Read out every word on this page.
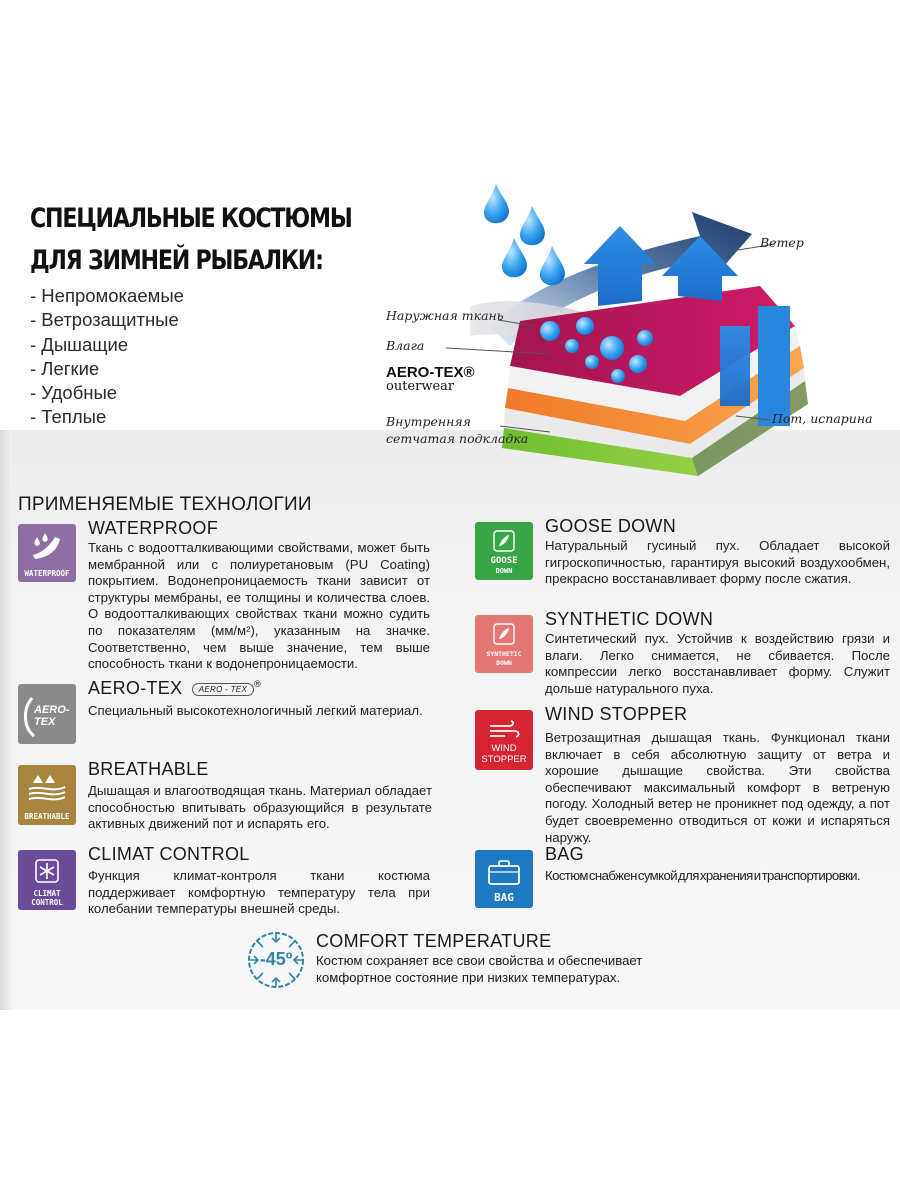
СПЕЦИАЛЬНЫЕ КОСТЮМЫ
ДЛЯ ЗИМНЕЙ РЫБАЛКИ:
- Непромокаемые
- Ветрозащитные
- Дышащие
- Легкие
- Удобные
- Теплые
Ветер
Наружная ткань
Влага
AERO-TEX®
outerwear
Внутренняя
сетчатая подкладка
Пот, испарина
ПРИМЕНЯЕМЫЕ ТЕХНОЛОГИИ
WATERPROOF
WATERPROOF

Ткань с водоотталкивающими свойствами, может быть мембранной или с полиуретановым (PU Coating) покрытием. Водонепроницаемость ткани зависит от структуры мембраны, ее толщины и количества слоев. О водоотталкивающих свойствах ткани можно судить по показателям (мм/м²), указанным на значке. Соответственно, чем выше значение, тем выше способность ткани к водонепроницаемости.

AERO-
TEX
AERO-TEX AERO - TEX®

Специальный высокотехнологичный легкий материал.

BREATHABLE
BREATHABLE

Дышащая и влагоотводящая ткань. Материал обладает способностью впитывать образующийся в результате активных движений пот и испарять его.

CLIMAT
CONTROL
CLIMAT CONTROL

Функция климат-контроля ткани костюма поддерживает комфортную температуру тела при колебании температуры внешней среды.

GOOSE
DOWN
GOOSE DOWN

Натуральный гусиный пух. Обладает высокой гигроскопичностью, гарантируя высокий воздухообмен, прекрасно восстанавливает форму после сжатия.

SYNTHETIC
DOWN
SYNTHETIC DOWN

Синтетический пух. Устойчив к воздействию грязи и влаги. Легко снимается, не сбивается. После компрессии легко восстанавливает форму. Служит дольше натурального пуха.

WIND
STOPPER
WIND STOPPER

Ветрозащитная дышащая ткань. Функционал ткани включает в себя абсолютную защиту от ветра и хорошие дышащие свойства. Эти свойства обеспечивают максимальный комфорт в ветреную погоду. Холодный ветер не проникнет под одежду, а пот будет своевременно отводиться от кожи и испаряться наружу.

BAG
BAG

Костюм снабжен сумкой для хранения и транспортировки.

-45º
COMFORT TEMPERATURE

Костюм сохраняет все свои свойства и обеспечивает
комфортное состояние при низких температурах.
